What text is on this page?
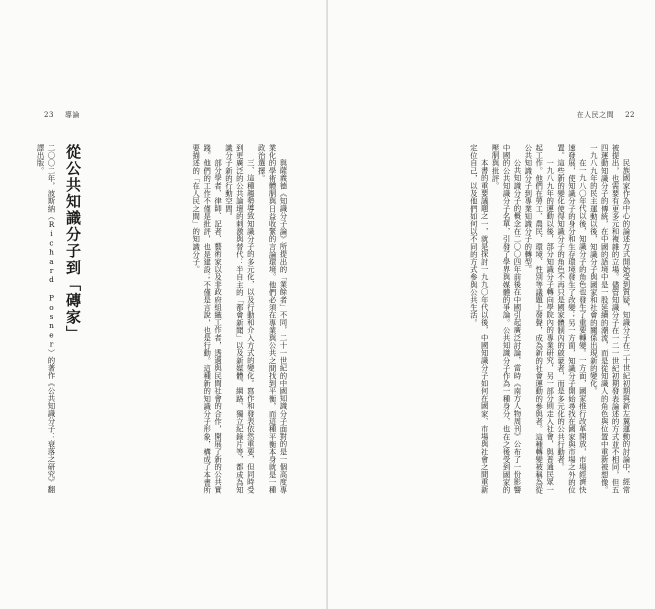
23 導論
與薩義德《知識分子論》所提出的「業餘者」不同，二十一世紀的中國知識分子面對的是一個高度專業化的學術體制與日益收緊的言論環境。他們必須在專業與公共之間找到平衡，而這種平衡本身就是一種政治選擇。
三、這種趨勢導致知識分子的多元化，以及行動和介入方式的變化。寫作和發表依然重要，但同時受到更廣泛的公共論壇的刺激與替代：半自主的「都會新聞」以及新媒體、網路、獨立紀錄片等，都成為知識分子新的行動空間。
部分學者、律師、記者、藝術家以及非政府組織工作者，透過與民間社會的合作，開展了新的公共實踐。他們的工作不僅是批評，也是建設；不僅是言說，也是行動。這種新的知識分子形象，構成了本書所要描述的「在人民之間」的知識分子。
從公共知識分子到「磚家」
二〇〇二年，波斯納（Richard Posner）的著作《公共知識分子：衰落之研究》翻譯出版。
在人民之間 22
民族國家作為中心的論述方式開始受到質疑，知識分子在二十世紀初期與新左翼運動的討論中，經常被提出，也需要有更多元和複雜的立場。儘管知識分子在一二一世紀初期發表論述的方式並不相同，但五四運動知識分子的傳統，在中國的語境中是一股延續的潮流，而是從知識人的角色與位置中重新被想像。一九八九年的民主運動以後，知識分子與國家和社會的關係出現新的變化。
在一九八〇年代以後，知識分子的角色也發生了重要轉變。一方面，國家推行改革開放，市場經濟快速發展，使知識分子的身分和生存環境發生了改變；另一方面，知識分子開始尋找在國家與市場之外的位置。這些新的變化使得知識分子的角色不再只是國家體制內的啟蒙者，而是多元化的公共行動者。
一九八九年的運動以後，部分知識分子轉向學院內的專業研究，另一部分則走入社會，與普通民眾一起工作。他們在勞工、農民、環境、性別等議題上發聲，成為新的社會運動的參與者。這種轉變被稱為從公共知識分子到專業知識分子的轉型。
公共知識分子的概念在二〇〇四年前後在中國引起廣泛討論，當時《南方人物周刊》公布了一份影響中國的公共知識分子名單，引發了學界與媒體的爭論。公共知識分子作為一種身分，也在之後受到國家的壓制與批評。
本書的重要議題之一，就是探討一九九〇年代以後，中國知識分子如何在國家、市場與社會之間重新定位自己，以及他們如何以不同的方式參與公共生活。
